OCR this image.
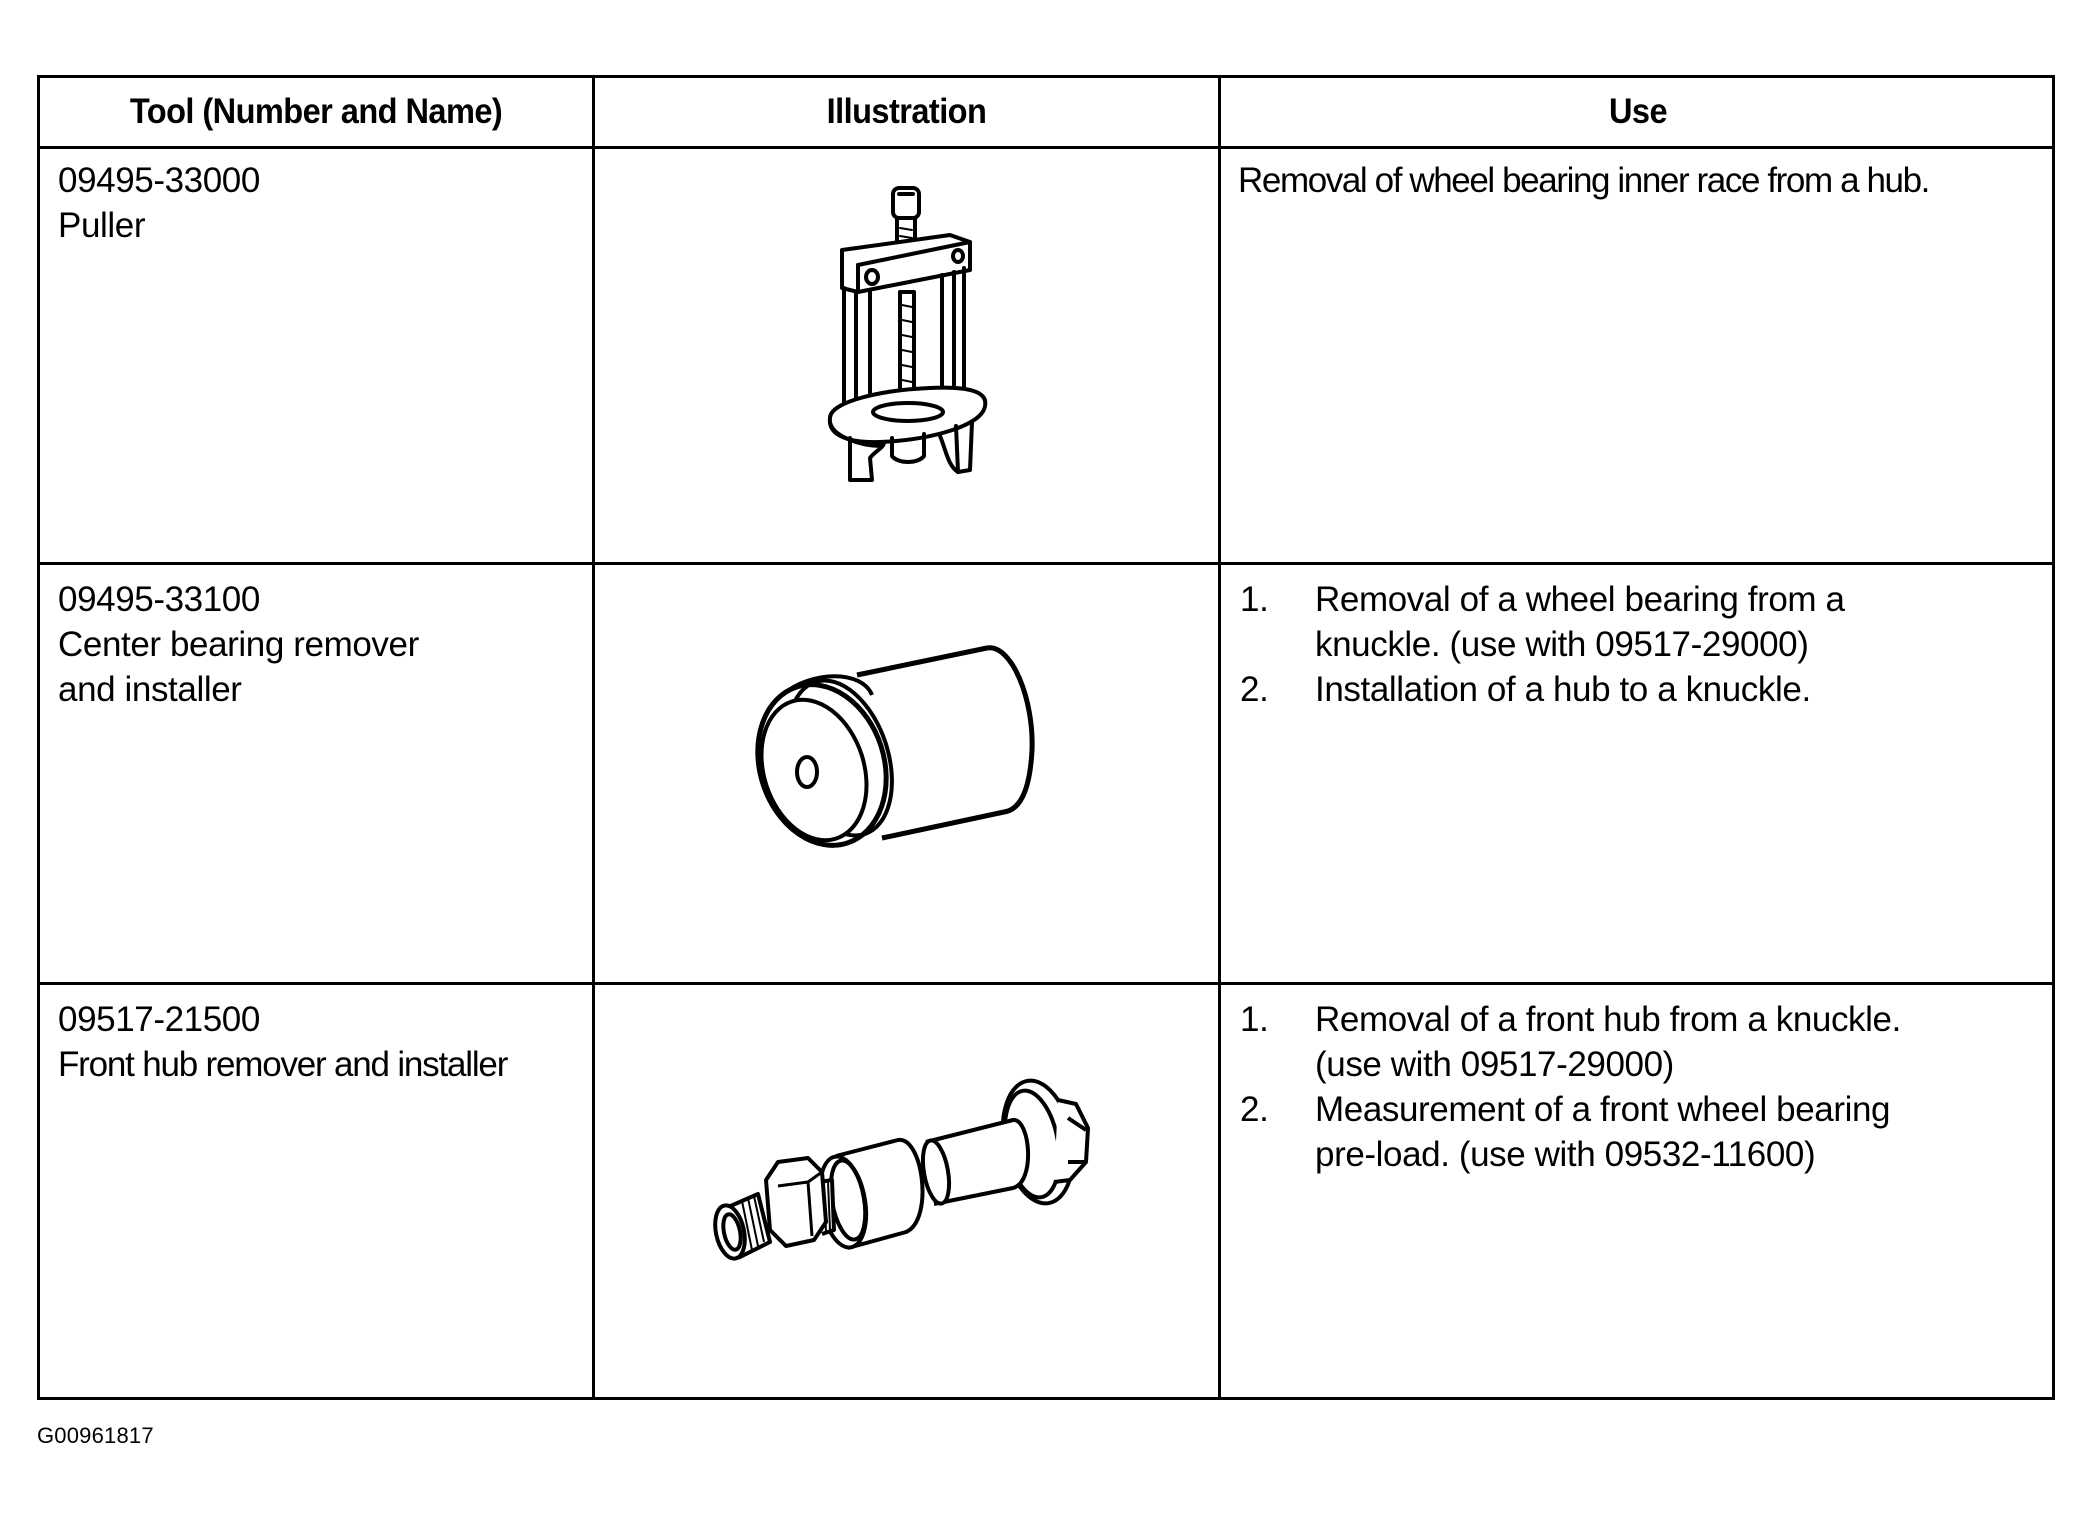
Tool (Number and Name)	Illustration	Use
09495-33000
Puller
Removal of wheel bearing inner race from a hub.
09495-33100
Center bearing remover
and installer
1. Removal of a wheel bearing from a
knuckle. (use with 09517-29000)
2. Installation of a hub to a knuckle.
09517-21500
Front hub remover and installer
1. Removal of a front hub from a knuckle.
(use with 09517-29000)
2. Measurement of a front wheel bearing
pre-load. (use with 09532-11600)
G00961817
